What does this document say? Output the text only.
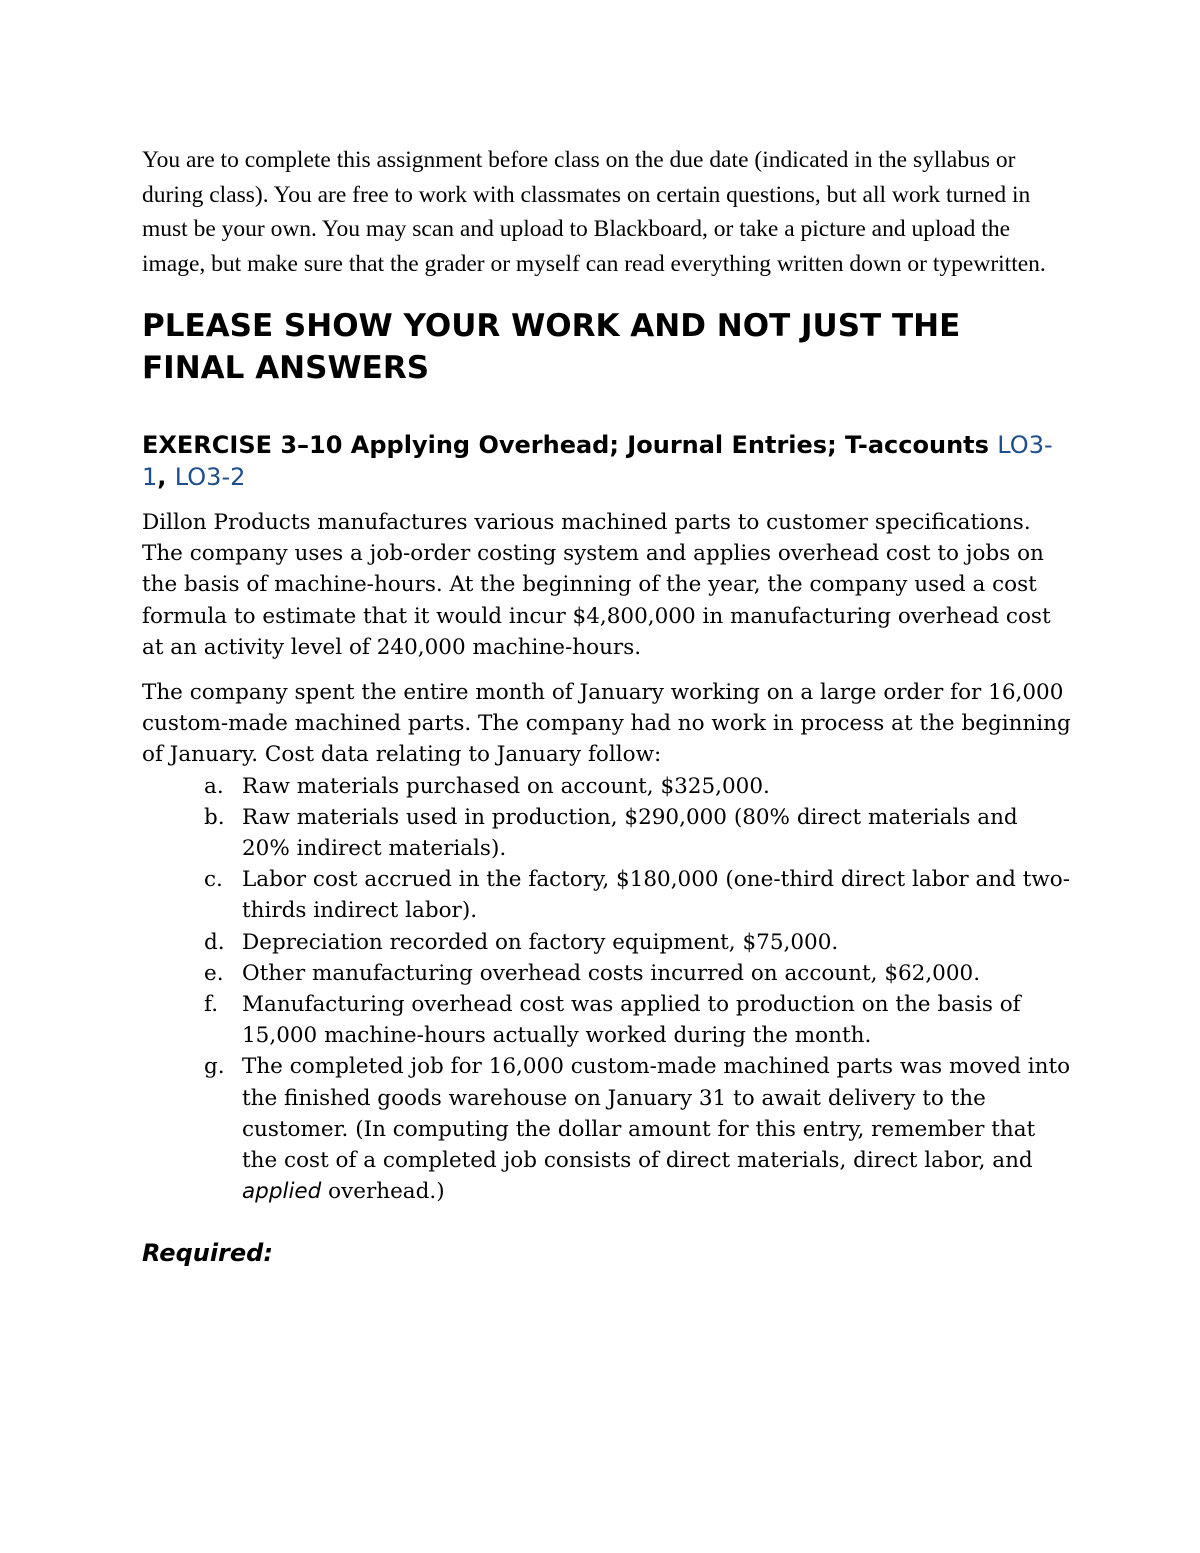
You are to complete this assignment before class on the due date (indicated in the syllabus or during class). You are free to work with classmates on certain questions, but all work turned in must be your own. You may scan and upload to Blackboard, or take a picture and upload the image, but make sure that the grader or myself can read everything written down or typewritten.

PLEASE SHOW YOUR WORK AND NOT JUST THE FINAL ANSWERS
EXERCISE 3–10 Applying Overhead; Journal Entries; T-accounts LO3-1, LO3-2

Dillon Products manufactures various machined parts to customer specifications. The company uses a job-order costing system and applies overhead cost to jobs on the basis of machine-hours. At the beginning of the year, the company used a cost formula to estimate that it would incur $4,800,000 in manufacturing overhead cost at an activity level of 240,000 machine-hours.

The company spent the entire month of January working on a large order for 16,000 custom-made machined parts. The company had no work in process at the beginning of January. Cost data relating to January follow:

a. Raw materials purchased on account, $325,000.
b. Raw materials used in production, $290,000 (80% direct materials and 20% indirect materials).
c. Labor cost accrued in the factory, $180,000 (one-third direct labor and two-thirds indirect labor).
d. Depreciation recorded on factory equipment, $75,000.
e. Other manufacturing overhead costs incurred on account, $62,000.
f. Manufacturing overhead cost was applied to production on the basis of 15,000 machine-hours actually worked during the month.
g. The completed job for 16,000 custom-made machined parts was moved into the finished goods warehouse on January 31 to await delivery to the customer. (In computing the dollar amount for this entry, remember that the cost of a completed job consists of direct materials, direct labor, and applied overhead.)
Required:
